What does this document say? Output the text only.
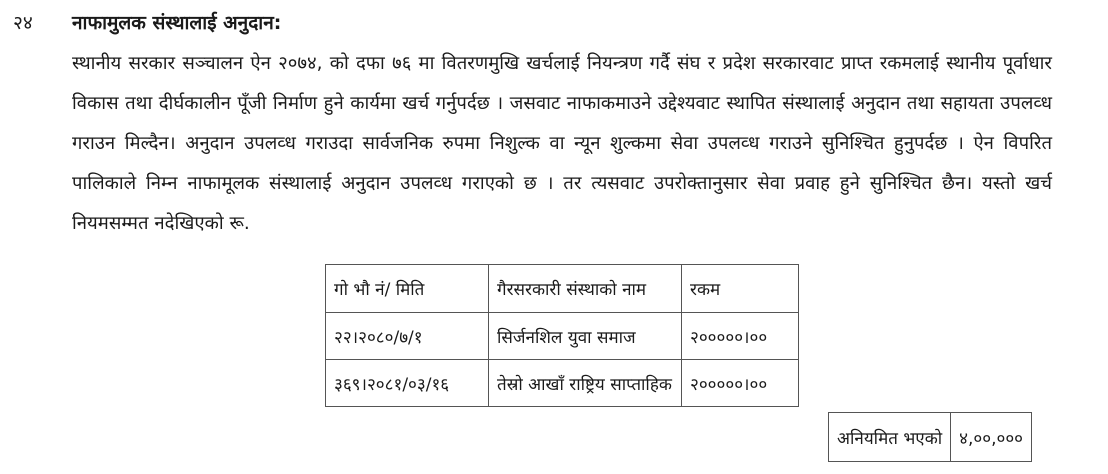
२४ नाफामुलक संस्थालाई अनुदान:

स्थानीय सरकार सञ्चालन ऐन २०७४, को दफा ७६ मा वितरणमुखि खर्चलाई नियन्त्रण गर्दै संघ र प्रदेश सरकारवाट प्राप्त रकमलाई स्थानीय पूर्वाधार विकास तथा दीर्घकालीन पूँजी निर्माण हुने कार्यमा खर्च गर्नुपर्दछ । जसवाट नाफाकमाउने उद्देश्यवाट स्थापित संस्थालाई अनुदान तथा सहायता उपलव्ध गराउन मिल्दैन। अनुदान उपलव्ध गराउदा सार्वजनिक रुपमा निशुल्क वा न्यून शुल्कमा सेवा उपलव्ध गराउने सुनिश्चित हुनुपर्दछ । ऐन विपरित पालिकाले निम्न नाफामूलक संस्थालाई अनुदान उपलव्ध गराएको छ । तर त्यसवाट उपरोक्तानुसार सेवा प्रवाह हुने सुनिश्चित छैन। यस्तो खर्च नियमसम्मत नदेखिएको रू.

गो भौ नं/ मिति	गैरसरकारी संस्थाको नाम	रकम
२२।२०८०/७/१	सिर्जनशिल युवा समाज	२०००००।००
३६९।२०८१/०३/१६	तेस्रो आखाँ राष्ट्रिय साप्ताहिक	२०००००।००
अनियमित भएको	४,००,०००
